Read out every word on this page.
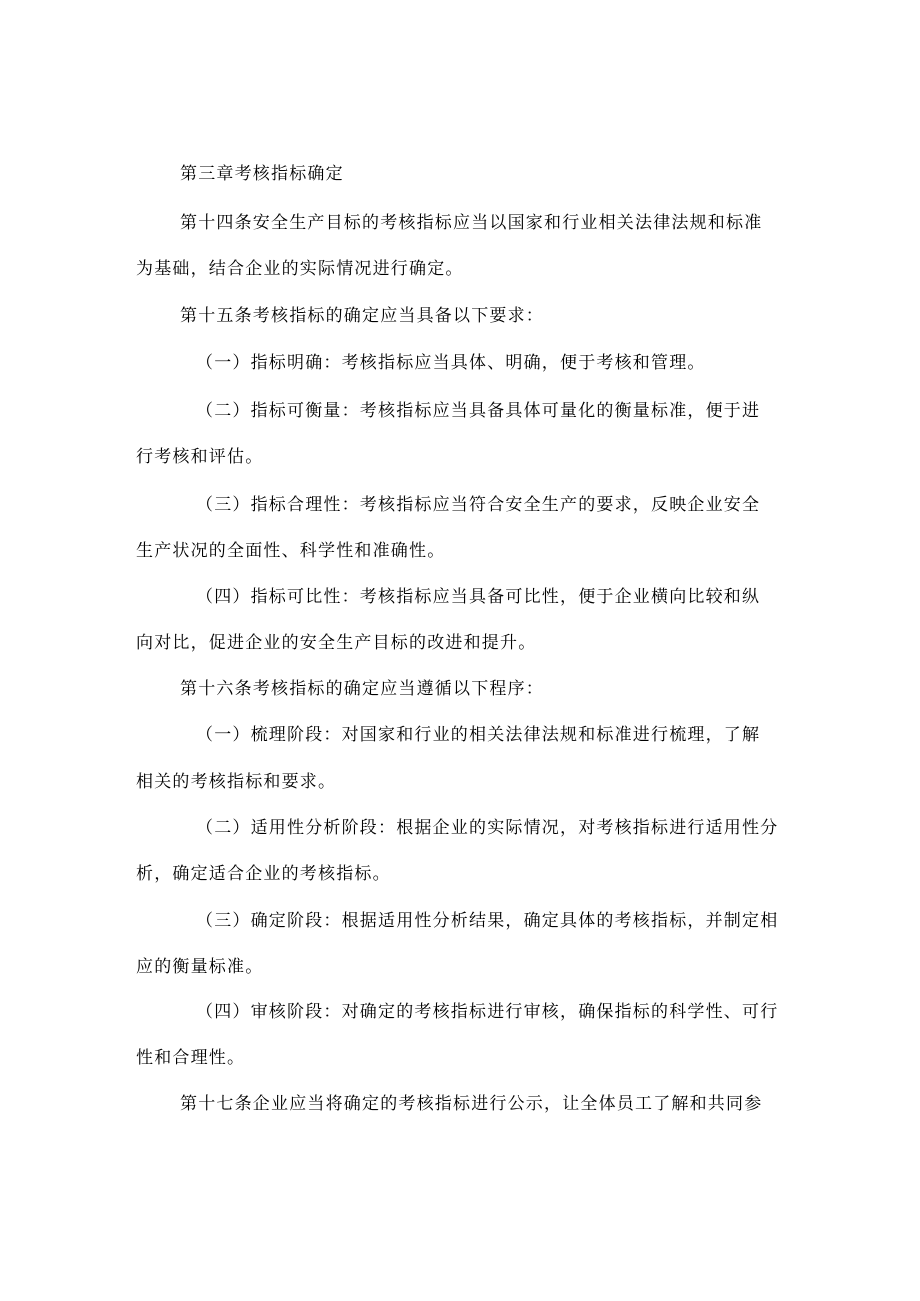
第三章考核指标确定
第十四条安全生产目标的考核指标应当以国家和行业相关法律法规和标准
为基础，结合企业的实际情况进行确定。
第十五条考核指标的确定应当具备以下要求：
（一）指标明确：考核指标应当具体、明确，便于考核和管理。
（二）指标可衡量：考核指标应当具备具体可量化的衡量标准，便于进
行考核和评估。
（三）指标合理性：考核指标应当符合安全生产的要求，反映企业安全
生产状况的全面性、科学性和准确性。
（四）指标可比性：考核指标应当具备可比性，便于企业横向比较和纵
向对比，促进企业的安全生产目标的改进和提升。
第十六条考核指标的确定应当遵循以下程序：
（一）梳理阶段：对国家和行业的相关法律法规和标准进行梳理，了解
相关的考核指标和要求。
（二）适用性分析阶段：根据企业的实际情况，对考核指标进行适用性分
析，确定适合企业的考核指标。
（三）确定阶段：根据适用性分析结果，确定具体的考核指标，并制定相
应的衡量标准。
（四）审核阶段：对确定的考核指标进行审核，确保指标的科学性、可行
性和合理性。
第十七条企业应当将确定的考核指标进行公示，让全体员工了解和共同参
